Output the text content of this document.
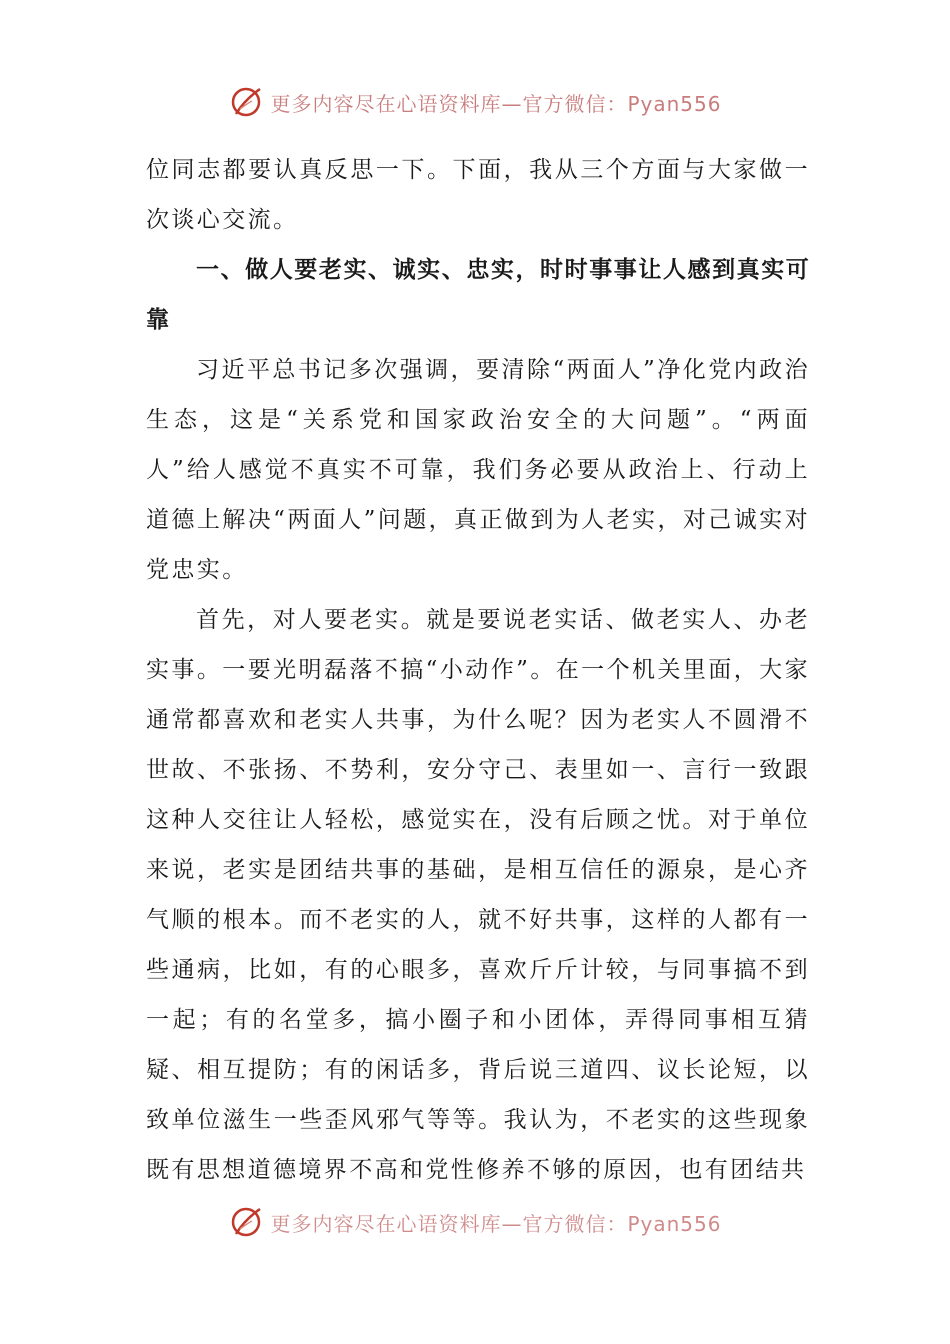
更多内容尽在心语资料库—官方微信：Pyan556

位同志都要认真反思一下。下面，我从三个方面与大家做一次谈心交流。

一、做人要老实、诚实、忠实，时时事事让人感到真实可靠

习近平总书记多次强调，要清除“两面人”净化党内政治生态，这是“关系党和国家政治安全的大问题”。“两面人”给人感觉不真实不可靠，我们务必要从政治上、行动上道德上解决“两面人”问题，真正做到为人老实，对己诚实对党忠实。

首先，对人要老实。就是要说老实话、做老实人、办老实事。一要光明磊落不搞“小动作”。在一个机关里面，大家通常都喜欢和老实人共事，为什么呢？因为老实人不圆滑不世故、不张扬、不势利，安分守己、表里如一、言行一致跟这种人交往让人轻松，感觉实在，没有后顾之忧。对于单位来说，老实是团结共事的基础，是相互信任的源泉，是心齐气顺的根本。而不老实的人，就不好共事，这样的人都有一些通病，比如，有的心眼多，喜欢斤斤计较，与同事搞不到一起；有的名堂多，搞小圈子和小团体，弄得同事相互猜疑、相互提防；有的闲话多，背后说三道四、议长论短，以致单位滋生一些歪风邪气等等。我认为，不老实的这些现象既有思想道德境界不高和党性修养不够的原因，也有团结共

更多内容尽在心语资料库—官方微信：Pyan556
